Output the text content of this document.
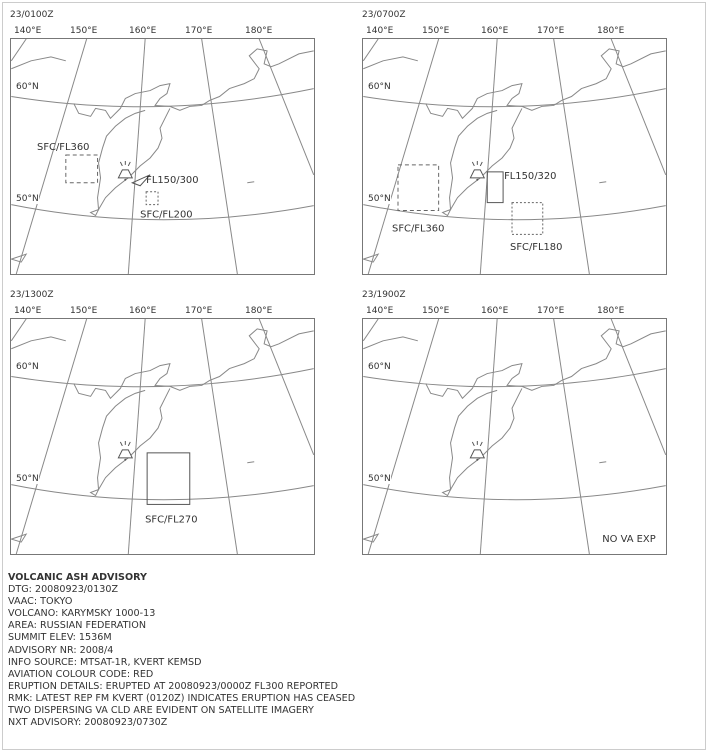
23/0100Z
140°E	150°E	160°E	170°E	180°E
SFC/FL360
FL150/300
SFC/FL200
60°N
50°N
23/0700Z
140°E	150°E	160°E	170°E	180°E
SFC/FL360
FL150/320
SFC/FL180
60°N
50°N
23/1300Z
140°E	150°E	160°E	170°E	180°E
SFC/FL270
60°N
50°N
23/1900Z
140°E	150°E	160°E	170°E	180°E
NO VA EXP
60°N
50°N
VOLCANIC ASH ADVISORY
DTG: 20080923/0130Z
VAAC: TOKYO
VOLCANO: KARYMSKY 1000-13
AREA: RUSSIAN FEDERATION
SUMMIT ELEV: 1536M
ADVISORY NR: 2008/4
INFO SOURCE: MTSAT-1R, KVERT KEMSD
AVIATION COLOUR CODE: RED
ERUPTION DETAILS: ERUPTED AT 20080923/0000Z FL300 REPORTED
RMK: LATEST REP FM KVERT (0120Z) INDICATES ERUPTION HAS CEASED
TWO DISPERSING VA CLD ARE EVIDENT ON SATELLITE IMAGERY
NXT ADVISORY: 20080923/0730Z
